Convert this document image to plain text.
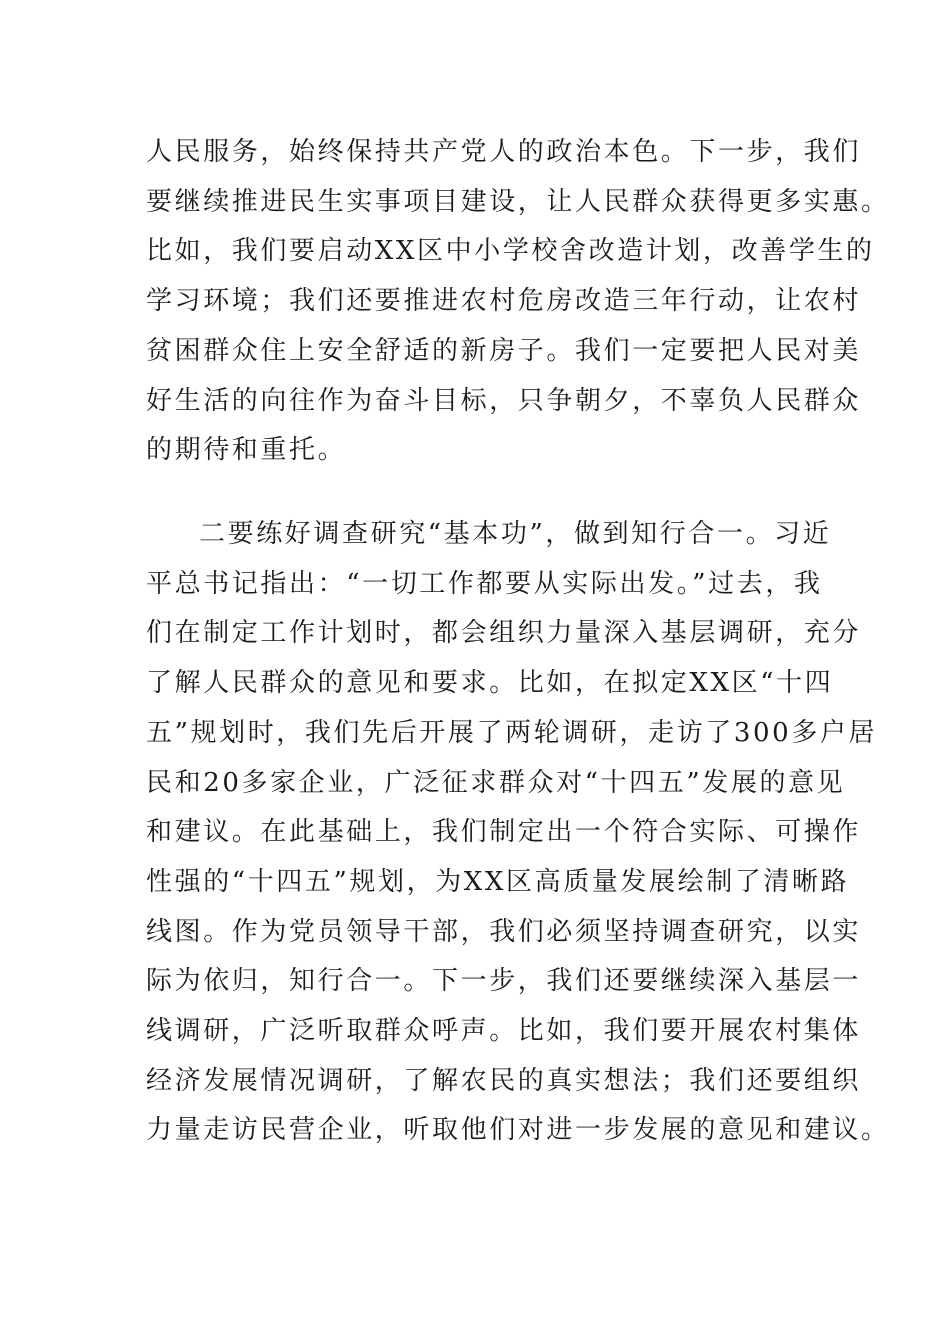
人民服务，始终保持共产党人的政治本色。下一步，我们
要继续推进民生实事项目建设，让人民群众获得更多实惠。
比如，我们要启动XX区中小学校舍改造计划，改善学生的
学习环境；我们还要推进农村危房改造三年行动，让农村
贫困群众住上安全舒适的新房子。我们一定要把人民对美
好生活的向往作为奋斗目标，只争朝夕，不辜负人民群众
的期待和重托。

二要练好调查研究“基本功”，做到知行合一。习近
平总书记指出：“一切工作都要从实际出发。”过去，我
们在制定工作计划时，都会组织力量深入基层调研，充分
了解人民群众的意见和要求。比如，在拟定XX区“十四
五”规划时，我们先后开展了两轮调研，走访了300多户居
民和20多家企业，广泛征求群众对“十四五”发展的意见
和建议。在此基础上，我们制定出一个符合实际、可操作
性强的“十四五”规划，为XX区高质量发展绘制了清晰路
线图。作为党员领导干部，我们必须坚持调查研究，以实
际为依归，知行合一。下一步，我们还要继续深入基层一
线调研，广泛听取群众呼声。比如，我们要开展农村集体
经济发展情况调研，了解农民的真实想法；我们还要组织
力量走访民营企业，听取他们对进一步发展的意见和建议。
